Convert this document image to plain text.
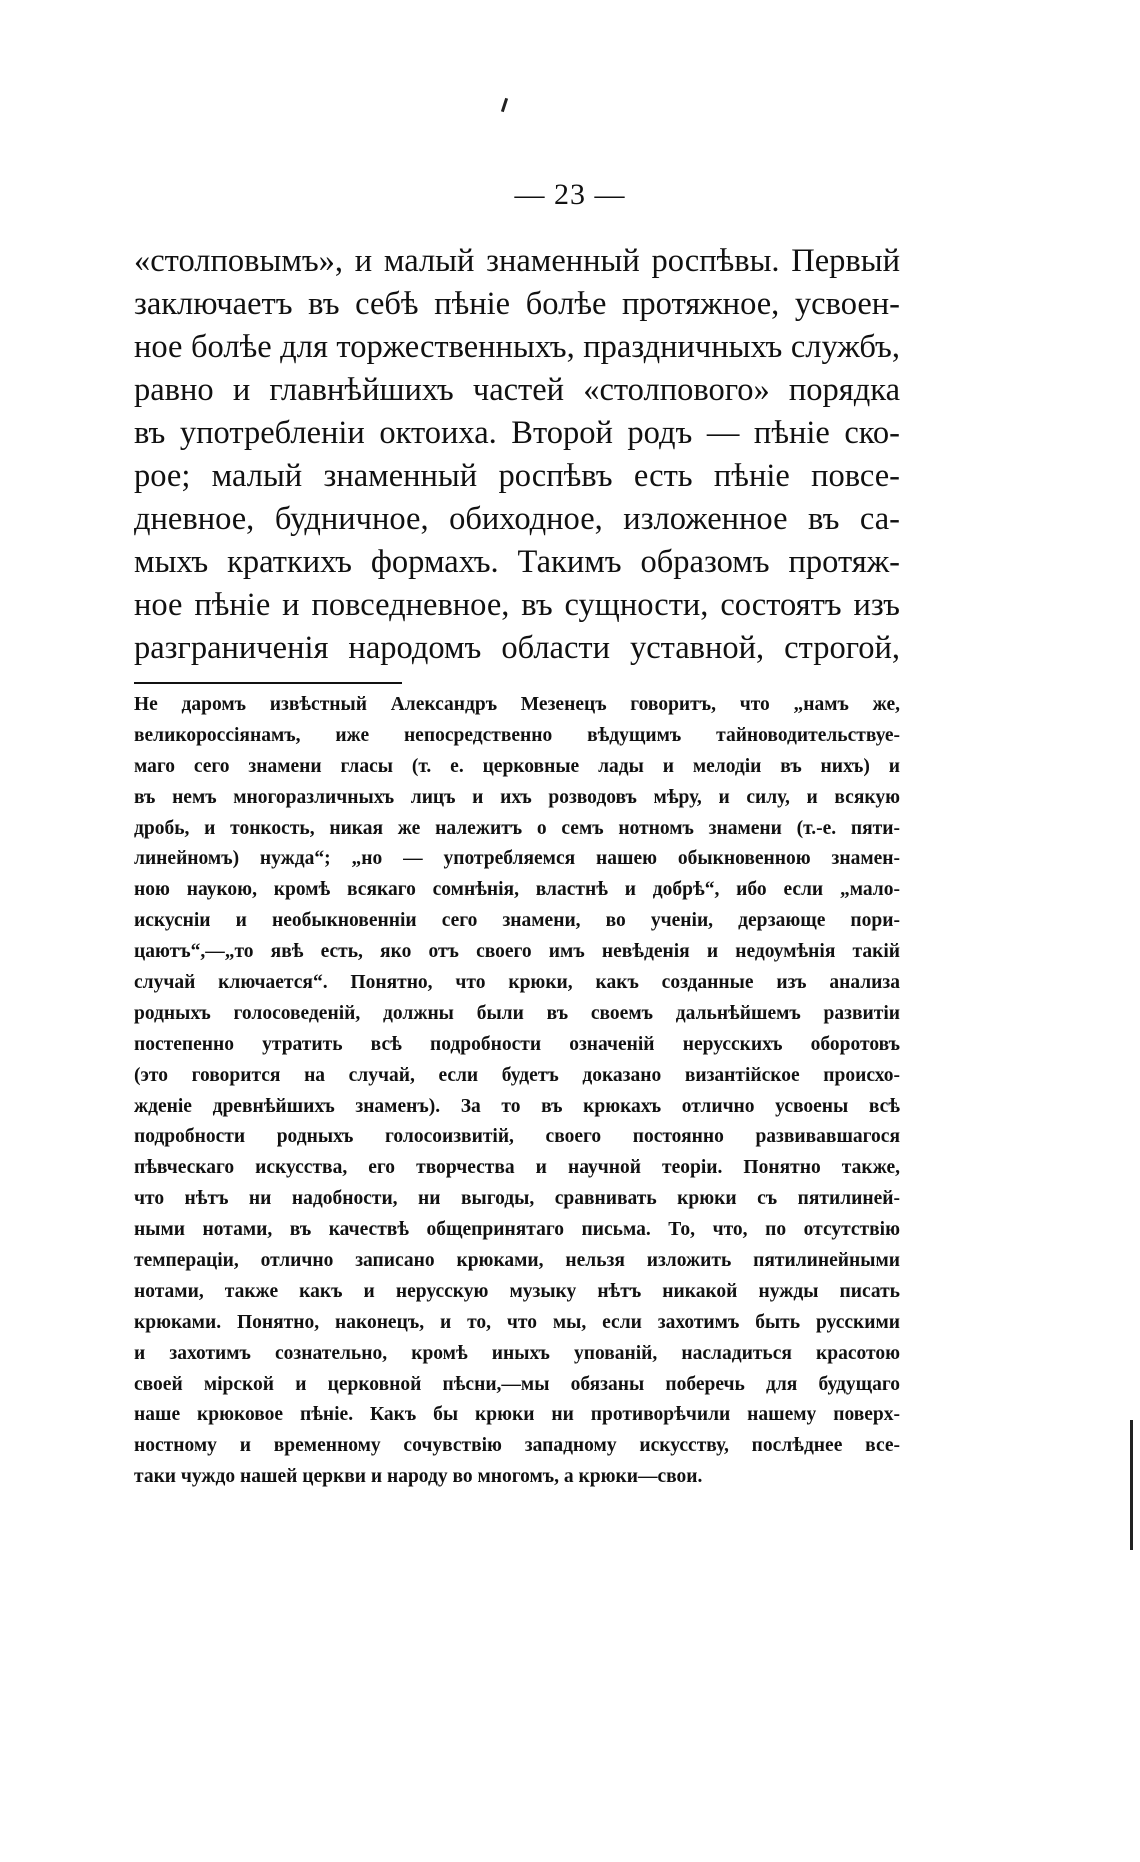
— 23 —
«столповымъ», и малый знаменный роспѣвы. Первый
заключаетъ въ себѣ пѣніе болѣе протяжное, усвоен-
ное болѣе для торжественныхъ, праздничныхъ службъ,
равно и главнѣйшихъ частей «столпового» порядка
въ употребленіи октоиха. Второй родъ — пѣніе ско-
рое; малый знаменный роспѣвъ есть пѣніе повсе-
дневное, будничное, обиходное, изложенное въ са-
мыхъ краткихъ формахъ. Такимъ образомъ протяж-
ное пѣніе и повседневное, въ сущности, состоятъ изъ
разграниченія народомъ области уставной, строгой,
Не даромъ извѣстный Александръ Мезенецъ говоритъ, что „намъ же,
великороссіянамъ, иже непосредственно вѣдущимъ тайноводительствуе-
маго сего знамени гласы (т. е. церковные лады и мелодіи въ нихъ) и
въ немъ многоразличныхъ лицъ и ихъ розводовъ мѣру, и силу, и всякую
дробь, и тонкость, никая же належитъ о семъ нотномъ знамени (т.-е. пяти-
линейномъ) нужда“; „но — употребляемся нашею обыкновенною знамен-
ною наукою, кромѣ всякаго сомнѣнія, властнѣ и добрѣ“, ибо если „мало-
искусніи и необыкновенніи сего знамени, во ученіи, дерзающе пори-
цаютъ“,—„то явѣ есть, яко отъ своего имъ невѣденія и недоумѣнія такій
случай ключается“. Понятно, что крюки, какъ созданные изъ анализа
родныхъ голосоведеній, должны были въ своемъ дальнѣйшемъ развитіи
постепенно утратить всѣ подробности означеній нерусскихъ оборотовъ
(это говорится на случай, если будетъ доказано византійское происхо-
жденіе древнѣйшихъ знаменъ). За то въ крюкахъ отлично усвоены всѣ
подробности родныхъ голосоизвитій, своего постоянно развивавшагося
пѣвческаго искусства, его творчества и научной теоріи. Понятно также,
что нѣтъ ни надобности, ни выгоды, сравнивать крюки съ пятилиней-
ными нотами, въ качествѣ общепринятаго письма. То, что, по отсутствію
темпераціи, отлично записано крюками, нельзя изложить пятилинейными
нотами, также какъ и нерусскую музыку нѣтъ никакой нужды писать
крюками. Понятно, наконецъ, и то, что мы, если захотимъ быть русскими
и захотимъ сознательно, кромѣ иныхъ упованій, насладиться красотою
своей мірской и церковной пѣсни,—мы обязаны поберечь для будущаго
наше крюковое пѣніе. Какъ бы крюки ни противорѣчили нашему поверх-
ностному и временному сочувствію западному искусству, послѣднее все-
таки чуждо нашей церкви и народу во многомъ, а крюки—свои.
